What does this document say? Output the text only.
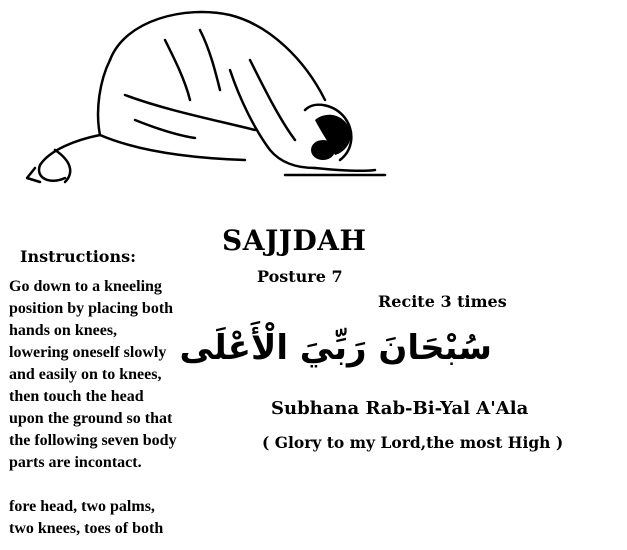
SAJJDAH
Instructions:
Posture 7
Recite 3 times
سُبْحَانَ رَبِّيَ الْأَعْلَى
Subhana Rab-Bi-Yal A'Ala
( Glory to my Lord,the most High )
Go down to a kneeling
position by placing both
hands on knees,
lowering oneself slowly
and easily on to knees,
then touch the head
upon the ground so that
the following seven body
parts are incontact.
fore head, two palms,
two knees, toes of both
